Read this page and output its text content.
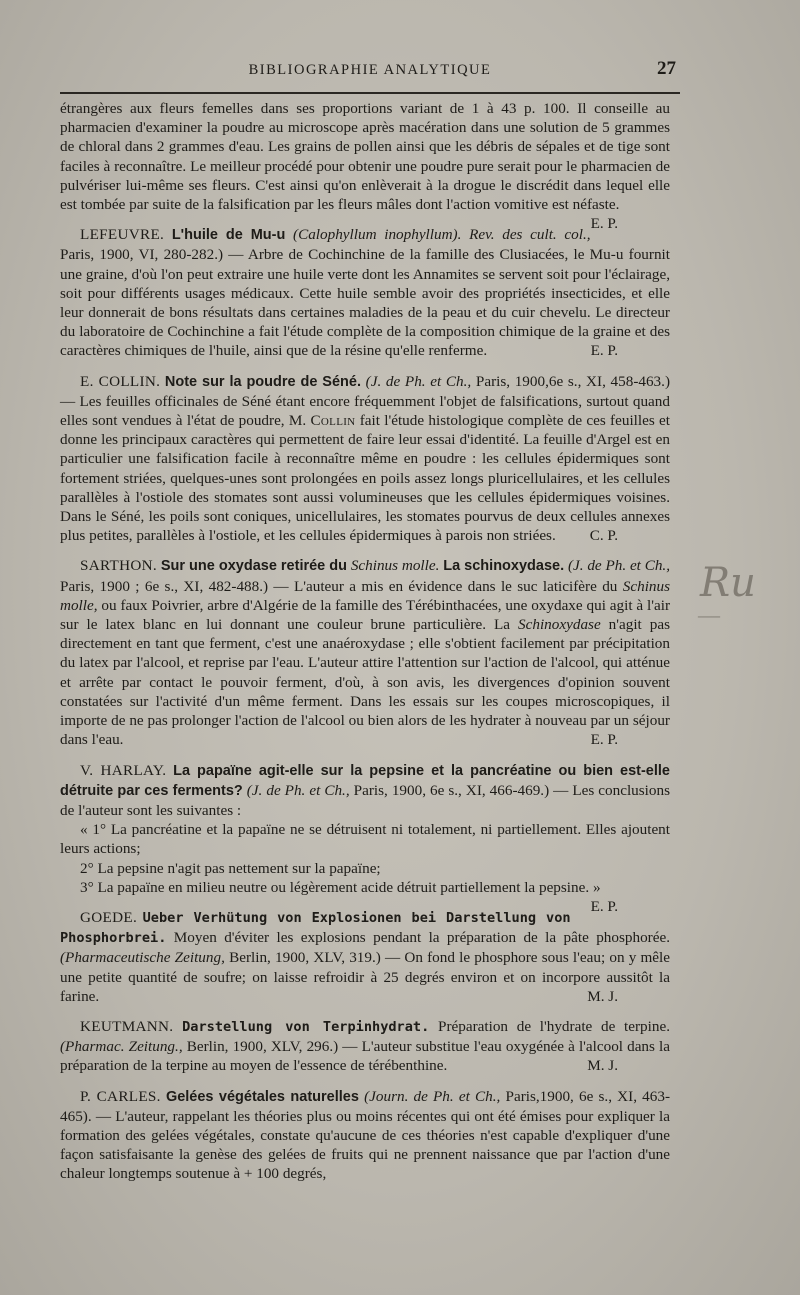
BIBLIOGRAPHIE ANALYTIQUE	27

étrangères aux fleurs femelles dans ses proportions variant de 1 à 43 p. 100. Il conseille au pharmacien d'examiner la poudre au microscope après macération dans une solution de 5 grammes de chloral dans 2 grammes d'eau. Les grains de pollen ainsi que les débris de sépales et de tige sont faciles à reconnaître. Le meilleur procédé pour obtenir une poudre pure serait pour le pharmacien de pulvériser lui-même ses fleurs. C'est ainsi qu'on enlèverait à la drogue le discrédit dans lequel elle est tombée par suite de la falsification par les fleurs mâles dont l'action vomitive est néfaste.
E. P.

LEFEUVRE. L'huile de Mu-u (Calophyllum inophyllum). Rev. des cult. col., Paris, 1900, VI, 280-282.) — Arbre de Cochinchine de la famille des Clusiacées, le Mu-u fournit une graine, d'où l'on peut extraire une huile verte dont les Annamites se servent soit pour l'éclairage, soit pour différents usages médicaux. Cette huile semble avoir des propriétés insecticides, et elle leur donnerait de bons résultats dans certaines maladies de la peau et du cuir chevelu. Le directeur du laboratoire de Cochinchine a fait l'étude complète de la composition chimique de la graine et des caractères chimiques de l'huile, ainsi que de la résine qu'elle renferme.	E. P.

E. COLLIN. Note sur la poudre de Séné. (J. de Ph. et Ch., Paris, 1900,6e s., XI, 458-463.) — Les feuilles officinales de Séné étant encore fréquemment l'objet de falsifications, surtout quand elles sont vendues à l'état de poudre, M. Collin fait l'étude histologique complète de ces feuilles et donne les principaux caractères qui permettent de faire leur essai d'identité. La feuille d'Argel est en particulier une falsification facile à reconnaître même en poudre : les cellules épidermiques sont fortement striées, quelques-unes sont prolongées en poils assez longs pluricellulaires, et les cellules parallèles à l'ostiole des stomates sont aussi volumineuses que les cellules épidermiques voisines. Dans le Séné, les poils sont coniques, unicellulaires, les stomates pourvus de deux cellules annexes plus petites, parallèles à l'ostiole, et les cellules épidermiques à parois non striées.	C. P.

SARTHON. Sur une oxydase retirée du Schinus molle. La schinoxydase. (J. de Ph. et Ch., Paris, 1900 ; 6e s., XI, 482-488.) — L'auteur a mis en évidence dans le suc laticifère du Schinus molle, ou faux Poivrier, arbre d'Algérie de la famille des Térébinthacées, une oxydaxe qui agit à l'air sur le latex blanc en lui donnant une couleur brune particulière. La Schinoxydase n'agit pas directement en tant que ferment, c'est une anaéroxydase ; elle s'obtient facilement par précipitation du latex par l'alcool, et reprise par l'eau. L'auteur attire l'attention sur l'action de l'alcool, qui atténue et arrête par contact le pouvoir ferment, d'où, à son avis, les divergences d'opinion souvent constatées sur l'activité d'un même ferment. Dans les essais sur les coupes microscopiques, il importe de ne pas prolonger l'action de l'alcool ou bien alors de les hydrater à nouveau par un séjour dans l'eau.	E. P.

V. HARLAY. La papaïne agit-elle sur la pepsine et la pancréatine ou bien est-elle détruite par ces ferments? (J. de Ph. et Ch., Paris, 1900, 6e s., XI, 466-469.) — Les conclusions de l'auteur sont les suivantes :

« 1° La pancréatine et la papaïne ne se détruisent ni totalement, ni partiellement. Elles ajoutent leurs actions;

2° La pepsine n'agit pas nettement sur la papaïne;

3° La papaïne en milieu neutre ou légèrement acide détruit partiellement la pepsine. »
E. P.

GOEDE. Ueber Verhütung von Explosionen bei Darstellung von Phosphorbrei. Moyen d'éviter les explosions pendant la préparation de la pâte phosphorée. (Pharmaceutische Zeitung, Berlin, 1900, XLV, 319.) — On fond le phosphore sous l'eau; on y mêle une petite quantité de soufre; on laisse refroidir à 25 degrés environ et on incorpore aussitôt la farine.	M. J.

KEUTMANN. Darstellung von Terpinhydrat. Préparation de l'hydrate de terpine. (Pharmac. Zeitung., Berlin, 1900, XLV, 296.) — L'auteur substitue l'eau oxygénée à l'alcool dans la préparation de la terpine au moyen de l'essence de térébenthine.	M. J.

P. CARLES. Gelées végétales naturelles (Journ. de Ph. et Ch., Paris,1900, 6e s., XI, 463-465). — L'auteur, rappelant les théories plus ou moins récentes qui ont été émises pour expliquer la formation des gelées végétales, constate qu'aucune de ces théories n'est capable d'expliquer d'une façon satisfaisante la genèse des gelées de fruits qui ne prennent naissance que par l'action d'une chaleur longtemps soutenue à + 100 degrés,

Ru
—
